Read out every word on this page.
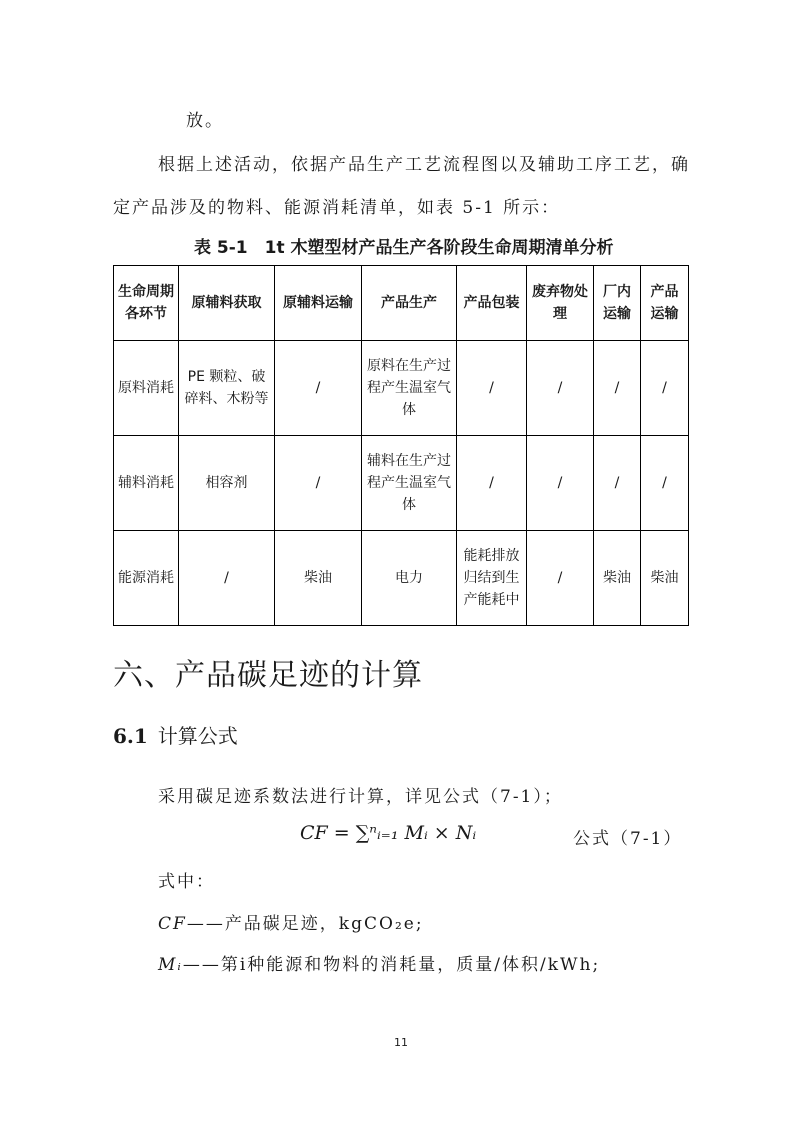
放。
根据上述活动，依据产品生产工艺流程图以及辅助工序工艺，确
定产品涉及的物料、能源消耗清单，如表 5-1 所示：
表 5-1　1t 木塑型材产品生产各阶段生命周期清单分析
生命周期各环节	原辅料获取	原辅料运输	产品生产	产品包装	废弃物处理	厂内运输	产品运输
原料消耗	PE 颗粒、破碎料、木粉等	/	原料在生产过程产生温室气体	/	/	/	/
辅料消耗	相容剂	/	辅料在生产过程产生温室气体	/	/	/	/
能源消耗	/	柴油	电力	能耗排放归结到生产能耗中	/	柴油	柴油
六、产品碳足迹的计算
6.1 计算公式
采用碳足迹系数法进行计算，详见公式（7-1）；
CF = ∑ⁿᵢ₌₁ Mᵢ × Nᵢ	公式（7-1）
式中：
CF——产品碳足迹，kgCO₂e;
Mᵢ——第i种能源和物料的消耗量，质量/体积/kWh;
11
